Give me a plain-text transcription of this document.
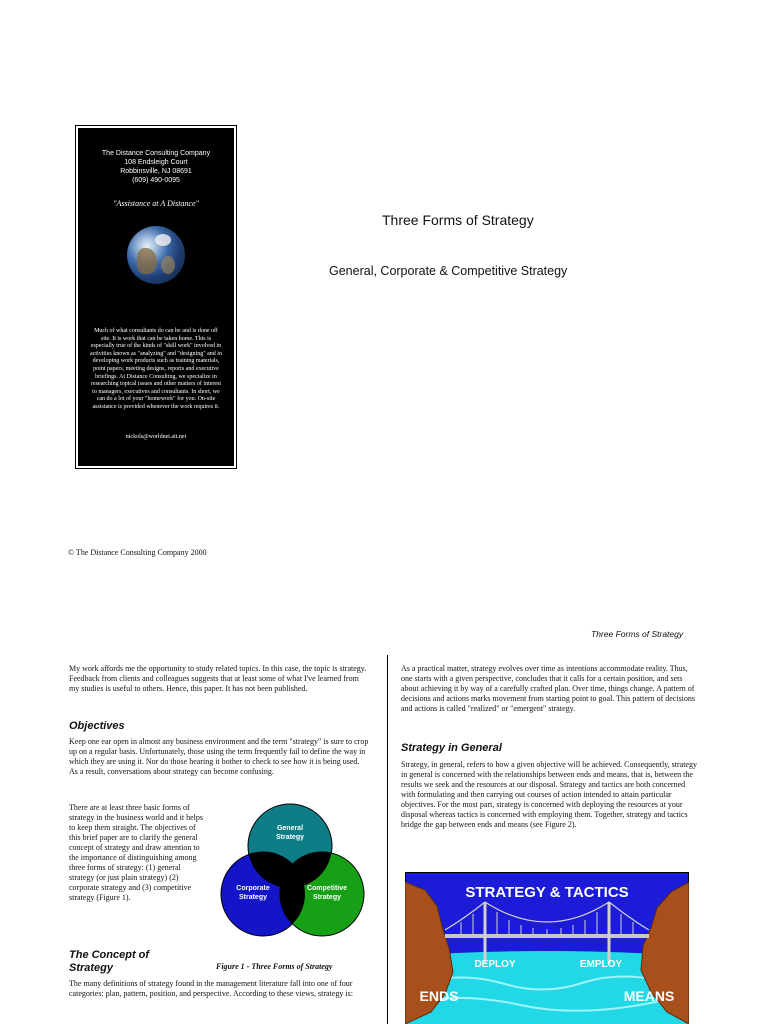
The Distance Consulting Company
108 Endsleigh Court
Robbinsville, NJ 08691
(609) 490-0095
"Assistance at A Distance"
Much of what consultants do can be and is done off site. It is work that can be taken home. This is especially true of the kinds of "skill work" involved in activities known as "analyzing" and "designing" and in developing work products such as training materials, point papers, meeting designs, reports and executive briefings. At Distance Consulting, we specialize in researching topical issues and other matters of interest to managers, executives and consultants. In short, we can do a lot of your "homework" for you. On-site assistance is provided whenever the work requires it.
nickols@worldnet.att.net
Three Forms of Strategy
General, Corporate & Competitive Strategy
© The Distance Consulting Company 2000
Three Forms of Strategy
My work affords me the opportunity to study related topics. In this case, the topic is strategy. Feedback from clients and colleagues suggests that at least some of what I've learned from my studies is useful to others. Hence, this paper. It has not been published.
Objectives
Keep one ear open in almost any business environment and the term "strategy" is sure to crop up on a regular basis. Unfortunately, those using the term frequently fail to define the way in which they are using it. Nor do those hearing it bother to check to see how it is being used. As a result, conversations about strategy can become confusing.
There are at least three basic forms of strategy in the business world and it helps to keep them straight. The objectives of this brief paper are to clarify the general concept of strategy and draw attention to the importance of distinguishing among three forms of strategy: (1) general strategy (or just plain strategy) (2) corporate strategy and (3) competitive strategy (Figure 1).
The Concept of Strategy
The many definitions of strategy found in the management literature fall into one of four categories: plan, pattern, position, and perspective. According to these views, strategy is:
General
Strategy
Corporate
Strategy
Competitive
Strategy
Figure 1 - Three Forms of Strategy
As a practical matter, strategy evolves over time as intentions accommodate reality. Thus, one starts with a given perspective, concludes that it calls for a certain position, and sets about achieving it by way of a carefully crafted plan. Over time, things change. A pattern of decisions and actions marks movement from starting point to goal. This pattern of decisions and actions is called "realized" or "emergent" strategy.
Strategy in General
Strategy, in general, refers to how a given objective will be achieved. Consequently, strategy in general is concerned with the relationships between ends and means, that is, between the results we seek and the resources at our disposal. Strategy and tactics are both concerned with formulating and then carrying out courses of action intended to attain particular objectives. For the most part, strategy is concerned with deploying the resources at your disposal whereas tactics is concerned with employing them. Together, strategy and tactics bridge the gap between ends and means (see Figure 2).
STRATEGY & TACTICS
DEPLOY	EMPLOY
ENDS	MEANS
